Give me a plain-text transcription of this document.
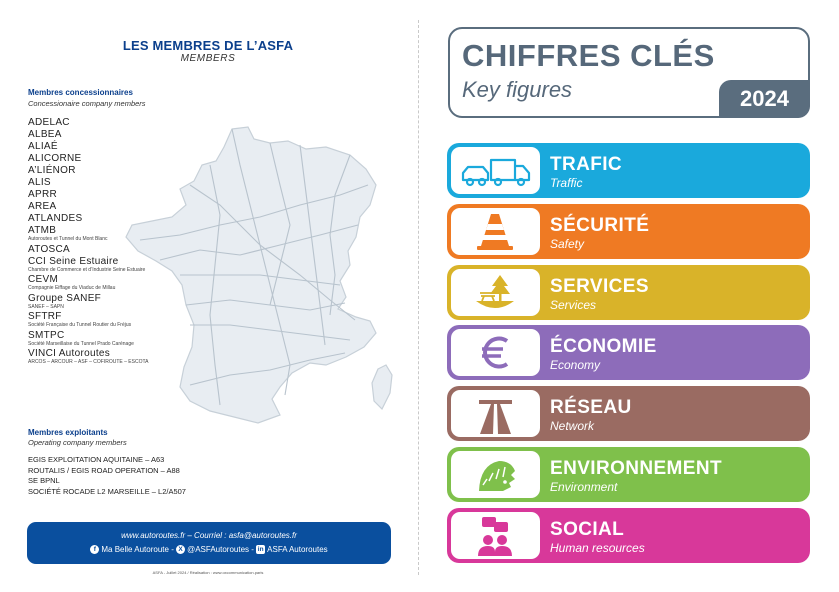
LES MEMBRES DE L’ASFA
MEMBERS
Membres concessionnaires
Concessionaire company members
ADELAC
ALBEA
ALIAÉ
ALICORNE
A’LIÉNOR
ALIS
APRR
AREA
ATLANDES
ATMB
Autoroutes et Tunnel du Mont Blanc
ATOSCA
CCI Seine Estuaire
Chambre de Commerce et d’Industrie Seine Estuaire
CEVM
Compagnie Eiffage du Viaduc de Millau
Groupe SANEF
SANEF – SAPN
SFTRF
Société Française du Tunnel Routier du Fréjus
SMTPC
Société Marseillaise du Tunnel Prado Carénage
VINCI Autoroutes
ARCOS – ARCOUR – ASF – COFIROUTE – ESCOTA
Membres exploitants
Operating company members
EGIS EXPLOITATION AQUITAINE – A63
ROUTALIS / EGIS ROAD OPERATION – A88
SE BPNL
SOCIÉTÉ ROCADE L2 MARSEILLE – L2/A507
www.autoroutes.fr – Courriel : asfa@autoroutes.fr
f Ma Belle Autoroute - X @ASFAutoroutes - in ASFA Autoroutes
ASFA - Juillet 2024 / Réalisation : www.oxcommunication.paris
CHIFFRES CLÉS
Key figures	2024
TRAFIC
Traffic
SÉCURITÉ
Safety
SERVICES
Services
ÉCONOMIE
Economy
RÉSEAU
Network
ENVIRONNEMENT
Environment
SOCIAL
Human resources
